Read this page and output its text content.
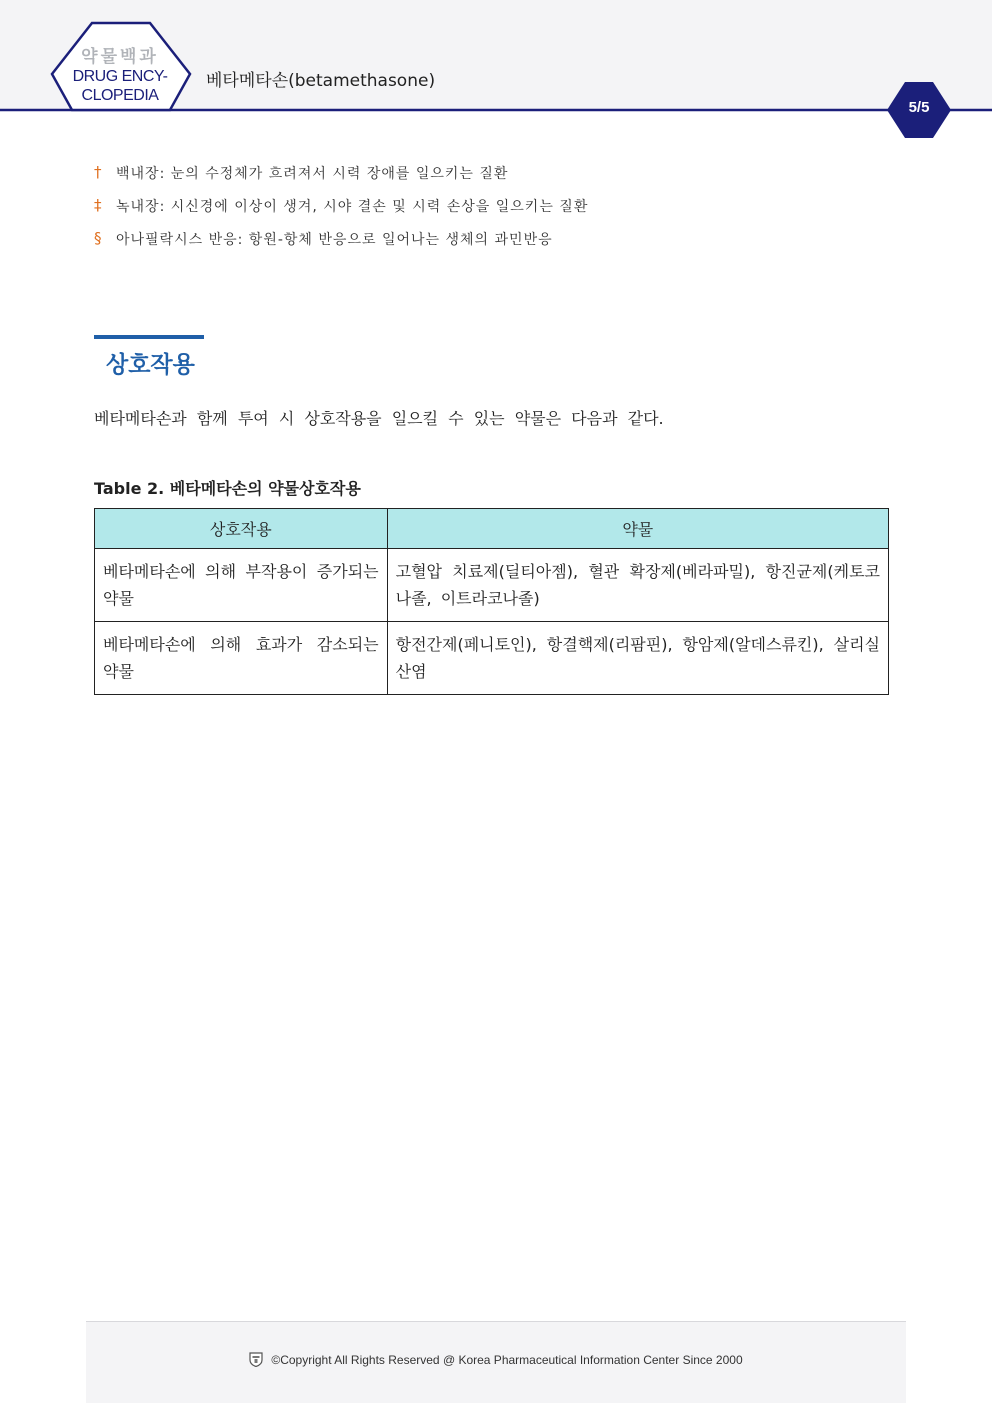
약물백과
DRUG ENCY-
CLOPEDIA
베타메타손(betamethasone)
5/5
†	백내장: 눈의 수정체가 흐려져서 시력 장애를 일으키는 질환
‡	녹내장: 시신경에 이상이 생겨, 시야 결손 및 시력 손상을 일으키는 질환
§	아나필락시스 반응: 항원-항체 반응으로 일어나는 생체의 과민반응
상호작용
베타메타손과 함께 투여 시 상호작용을 일으킬 수 있는 약물은 다음과 같다.
Table 2. 베타메타손의 약물상호작용
상호작용	약물
베타메타손에 의해 부작용이 증가되는 약물	고혈압 치료제(딜티아젬), 혈관 확장제(베라파밀), 항진균제(케토코나졸, 이트라코나졸)
베타메타손에 의해 효과가 감소되는 약물	항전간제(페니토인), 항결핵제(리팜핀), 항암제(알데스류킨), 살리실산염
©Copyright All Rights Reserved @ Korea Pharmaceutical Information Center Since 2000
